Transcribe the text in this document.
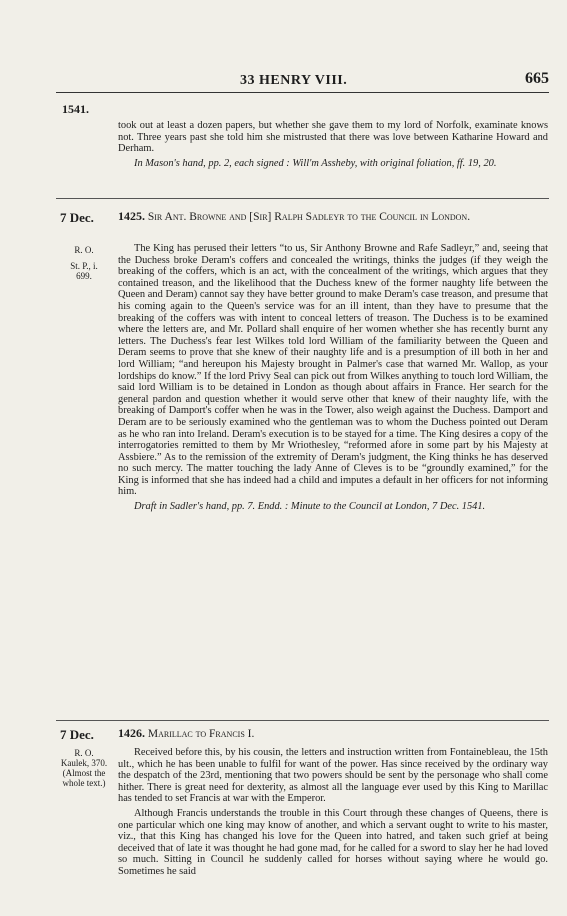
33 HENRY VIII.	665
1541.

took out at least a dozen papers, but whether she gave them to my lord of Norfolk, examinate knows not. Three years past she told him she mistrusted that there was love between Katharine Howard and Derham.

In Mason's hand, pp. 2, each signed : Will'm Assheby, with original foliation, ff. 19, 20.

7 Dec. 1425. Sir Ant. Browne and [Sir] Ralph Sadleyr to the Council in London.
R. O.
St. P., i.
699.

The King has perused their letters “to us, Sir Anthony Browne and Rafe Sadleyr,” and, seeing that the Duchess broke Deram's coffers and concealed the writings, thinks the judges (if they weigh the breaking of the coffers, which is an act, with the concealment of the writings, which argues that they contained treason, and the likelihood that the Duchess knew of the former naughty life between the Queen and Deram) cannot say they have better ground to make Deram's case treason, and presume that his coming again to the Queen's service was for an ill intent, than they have to presume that the breaking of the coffers was with intent to conceal letters of treason. The Duchess is to be examined where the letters are, and Mr. Pollard shall enquire of her women whether she has recently burnt any letters. The Duchess's fear lest Wilkes told lord William of the familiarity between the Queen and Deram seems to prove that she knew of their naughty life and is a presumption of ill both in her and lord William; “and hereupon his Majesty brought in Palmer's case that warned Mr. Wallop, as your lordships do know.” If the lord Privy Seal can pick out from Wilkes anything to touch lord William, the said lord William is to be detained in London as though about affairs in France. Her search for the general pardon and question whether it would serve other that knew of their naughty life, with the breaking of Damport's coffer when he was in the Tower, also weigh against the Duchess. Damport and Deram are to be seriously examined who the gentleman was to whom the Duchess pointed out Deram as he who ran into Ireland. Deram's execution is to be stayed for a time. The King desires a copy of the interrogatories remitted to them by Mr Wriothesley, “reformed afore in some part by his Majesty at Assbiere.” As to the remission of the extremity of Deram's judgment, the King thinks he has deserved no such mercy. The matter touching the lady Anne of Cleves is to be “groundly examined,” for the King is informed that she has indeed had a child and imputes a default in her officers for not informing him.

Draft in Sadler's hand, pp. 7. Endd. : Minute to the Council at London, 7 Dec. 1541.

7 Dec. 1426. Marillac to Francis I.
R. O.
Kaulek, 370.
(Almost the
whole text.)

Received before this, by his cousin, the letters and instruction written from Fontainebleau, the 15th ult., which he has been unable to fulfil for want of the power. Has since received by the ordinary way the despatch of the 23rd, mentioning that two powers should be sent by the personage who shall come hither. There is great need for dexterity, as almost all the language ever used by this King to Marillac has tended to set Francis at war with the Emperor.

Although Francis understands the trouble in this Court through these changes of Queens, there is one particular which one king may know of another, and which a servant ought to write to his master, viz., that this King has changed his love for the Queen into hatred, and taken such grief at being deceived that of late it was thought he had gone mad, for he called for a sword to slay her he had loved so much. Sitting in Council he suddenly called for horses without saying where he would go. Sometimes he said
